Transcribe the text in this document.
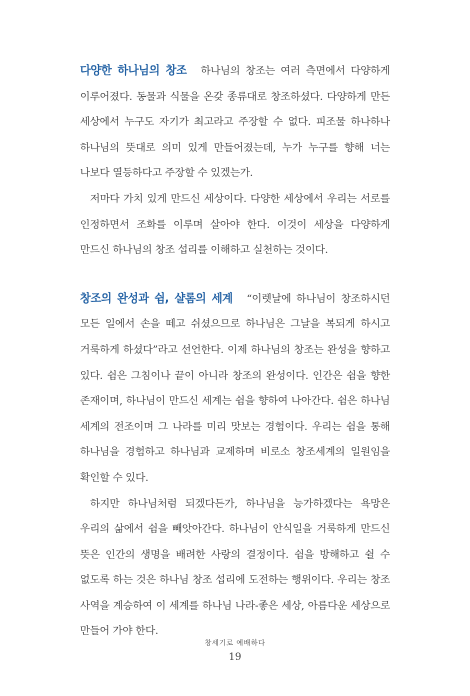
다양한 하나님의 창조 하나님의 창조는 여러 측면에서 다양하게 이루어졌다. 동물과 식물을 온갖 종류대로 창조하셨다. 다양하게 만든 세상에서 누구도 자기가 최고라고 주장할 수 없다. 피조물 하나하나 하나님의 뜻대로 의미 있게 만들어졌는데, 누가 누구를 향해 너는 나보다 열등하다고 주장할 수 있겠는가.

저마다 가치 있게 만드신 세상이다. 다양한 세상에서 우리는 서로를 인정하면서 조화를 이루며 살아야 한다. 이것이 세상을 다양하게 만드신 하나님의 창조 섭리를 이해하고 실천하는 것이다.

창조의 완성과 쉼, 샬롬의 세계 “이렛날에 하나님이 창조하시던 모든 일에서 손을 떼고 쉬셨으므로 하나님은 그날을 복되게 하시고 거룩하게 하셨다”라고 선언한다. 이제 하나님의 창조는 완성을 향하고 있다. 쉼은 그침이나 끝이 아니라 창조의 완성이다. 인간은 쉼을 향한 존재이며, 하나님이 만드신 세계는 쉼을 향하여 나아간다. 쉼은 하나님 세계의 전조이며 그 나라를 미리 맛보는 경험이다. 우리는 쉼을 통해 하나님을 경험하고 하나님과 교제하며 비로소 창조세계의 일원임을 확인할 수 있다.

하지만 하나님처럼 되겠다든가, 하나님을 능가하겠다는 욕망은 우리의 삶에서 쉼을 빼앗아간다. 하나님이 안식일을 거룩하게 만드신 뜻은 인간의 생명을 배려한 사랑의 결정이다. 쉼을 방해하고 쉴 수 없도록 하는 것은 하나님 창조 섭리에 도전하는 행위이다. 우리는 창조 사역을 계승하여 이 세계를 하나님 나라-좋은 세상, 아름다운 세상으로 만들어 가야 한다.

창세기로 예배하다
19
